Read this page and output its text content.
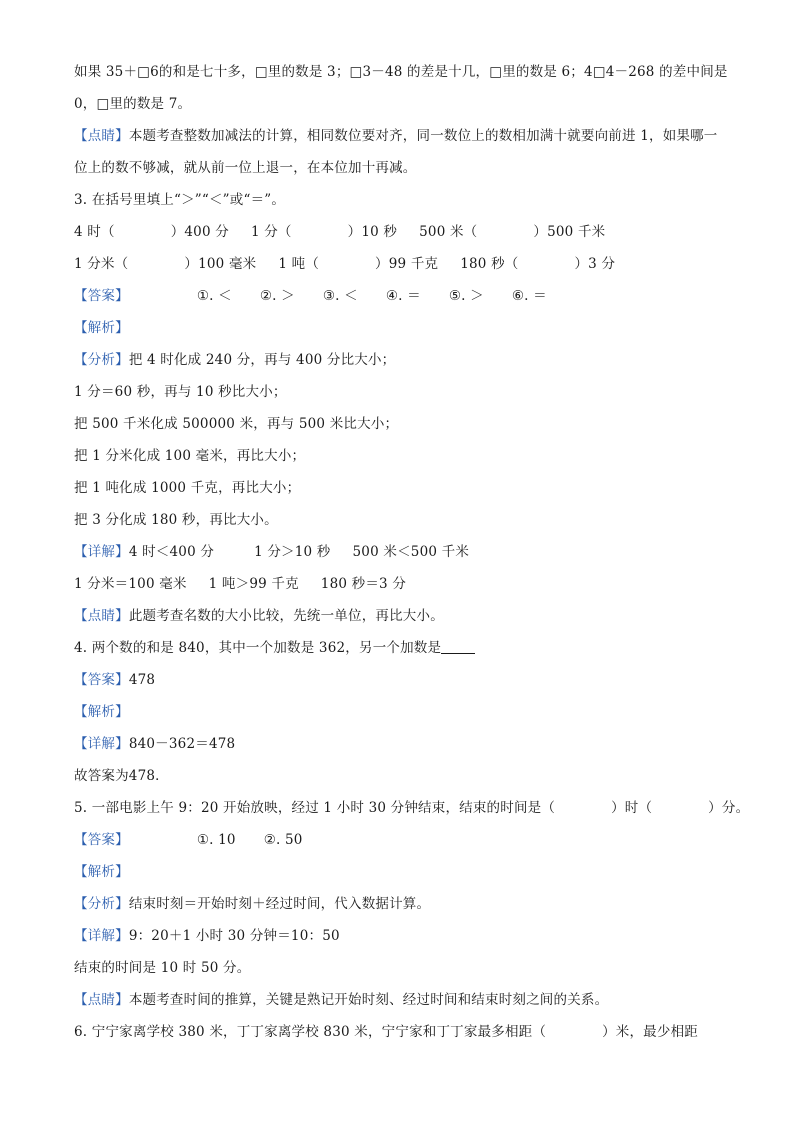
如果 35＋□6的和是七十多，□里的数是 3；□3－48 的差是十几，□里的数是 6；4□4－268 的差中间是
0，□里的数是 7。
【点睛】本题考查整数加减法的计算，相同数位要对齐，同一数位上的数相加满十就要向前进 1，如果哪一
位上的数不够减，就从前一位上退一，在本位加十再减。
3. 在括号里填上“＞”“＜”或“＝”。
4 时（	）400 分 1 分（	）10 秒 500 米（	）500 千米
1 分米（	）100 毫米 1 吨（	）99 千克 180 秒（	）3 分
【答案】	①. ＜ ②. ＞ ③. ＜ ④. ＝ ⑤. ＞ ⑥. ＝
【解析】
【分析】把 4 时化成 240 分，再与 400 分比大小；
1 分＝60 秒，再与 10 秒比大小；
把 500 千米化成 500000 米，再与 500 米比大小；
把 1 分米化成 100 毫米，再比大小；
把 1 吨化成 1000 千克，再比大小；
把 3 分化成 180 秒，再比大小。
【详解】4 时＜400 分	1 分＞10 秒 500 米＜500 千米
1 分米＝100 毫米 1 吨＞99 千克 180 秒＝3 分
【点睛】此题考查名数的大小比较，先统一单位，再比大小。
4. 两个数的和是 840，其中一个加数是 362，另一个加数是
【答案】478
【解析】
【详解】840－362＝478
故答案为478．
5. 一部电影上午 9：20 开始放映，经过 1 小时 30 分钟结束，结束的时间是（	）时（	）分。
【答案】	①. 10 ②. 50
【解析】
【分析】结束时刻＝开始时刻＋经过时间，代入数据计算。
【详解】9：20＋1 小时 30 分钟＝10：50
结束的时间是 10 时 50 分。
【点睛】本题考查时间的推算，关键是熟记开始时刻、经过时间和结束时刻之间的关系。
6. 宁宁家离学校 380 米，丁丁家离学校 830 米，宁宁家和丁丁家最多相距（	）米，最少相距
